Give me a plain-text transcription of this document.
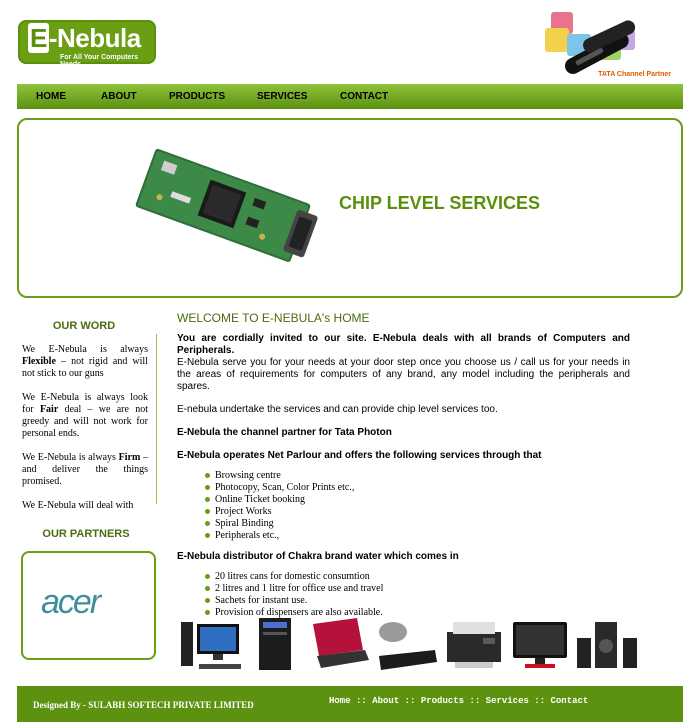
E-Nebula
For All Your Computers Needs
TATA Channel Partner
HOME	ABOUT	PRODUCTS	SERVICES	CONTACT
CHIP LEVEL SERVICES
OUR WORD

We E-Nebula is always Flexible – not rigid and will not stick to our guns

We E-Nebula is always look for Fair deal – we are not greedy and will not work for personal ends.

We E-Nebula is always Firm – and deliver the things promised.

We E-Nebula will deal with

OUR PARTNERS
acer
WELCOME TO E-NEBULA's HOME

You are cordially invited to our site. E-Nebula deals with all brands of Computers and Peripherals.
E-Nebula serve you for your needs at your door step once you choose us / call us for your needs in the areas of requirements for computers of any brand, any model including the peripherals and spares.

E-nebula undertake the services and can provide chip level services too.

E-Nebula the channel partner for Tata Photon

E-Nebula operates Net Parlour and offers the following services through that

Browsing centre
Photocopy, Scan, Color Prints etc.,
Online Ticket booking
Project Works
Spiral Binding
Peripherals etc.,

E-Nebula distributor of Chakra brand water which comes in

20 litres cans for domestic consumtion
2 litres and 1 litre for office use and travel
Sachets for instant use.
Provision of dispensers are also available.
Designed By - SULABH SOFTECH PRIVATE LIMITED	Home :: About :: Products :: Services :: Contact
